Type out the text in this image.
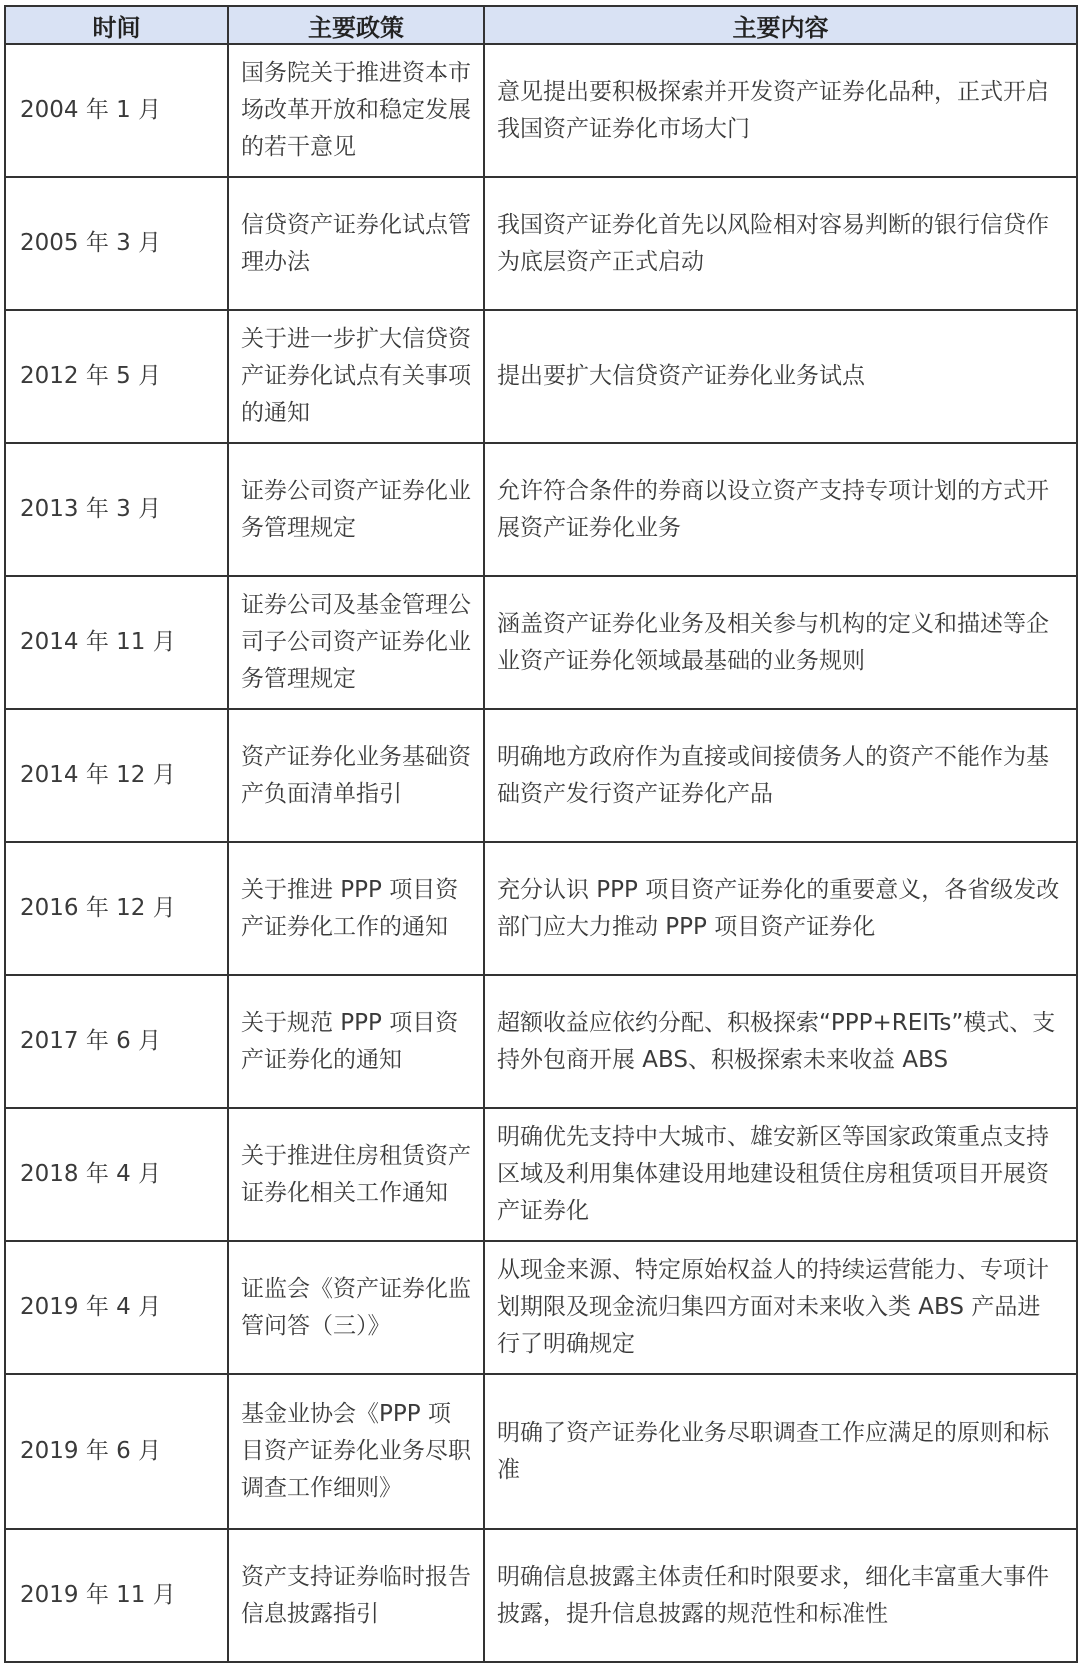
时间	主要政策	主要内容
2004 年 1 月	国务院关于推进资本市场改革开放和稳定发展的若干意见	意见提出要积极探索并开发资产证券化品种，正式开启我国资产证券化市场大门
2005 年 3 月	信贷资产证券化试点管理办法	我国资产证券化首先以风险相对容易判断的银行信贷作为底层资产正式启动
2012 年 5 月	关于进一步扩大信贷资产证券化试点有关事项的通知	提出要扩大信贷资产证券化业务试点
2013 年 3 月	证券公司资产证券化业务管理规定	允许符合条件的券商以设立资产支持专项计划的方式开展资产证券化业务
2014 年 11 月	证券公司及基金管理公司子公司资产证券化业务管理规定	涵盖资产证券化业务及相关参与机构的定义和描述等企业资产证券化领域最基础的业务规则
2014 年 12 月	资产证券化业务基础资产负面清单指引	明确地方政府作为直接或间接债务人的资产不能作为基础资产发行资产证券化产品
2016 年 12 月	关于推进 PPP 项目资产证券化工作的通知	充分认识 PPP 项目资产证券化的重要意义，各省级发改部门应大力推动 PPP 项目资产证券化
2017 年 6 月	关于规范 PPP 项目资产证券化的通知	超额收益应依约分配、积极探索“PPP+REITs”模式、支持外包商开展 ABS、积极探索未来收益 ABS
2018 年 4 月	关于推进住房租赁资产证券化相关工作通知	明确优先支持中大城市、雄安新区等国家政策重点支持区域及利用集体建设用地建设租赁住房租赁项目开展资产证券化
2019 年 4 月	证监会《资产证券化监管问答（三）》	从现金来源、特定原始权益人的持续运营能力、专项计划期限及现金流归集四方面对未来收入类 ABS 产品进行了明确规定
2019 年 6 月	基金业协会《PPP 项目资产证券化业务尽职调查工作细则》	明确了资产证券化业务尽职调查工作应满足的原则和标准
2019 年 11 月	资产支持证券临时报告信息披露指引	明确信息披露主体责任和时限要求，细化丰富重大事件披露，提升信息披露的规范性和标准性
